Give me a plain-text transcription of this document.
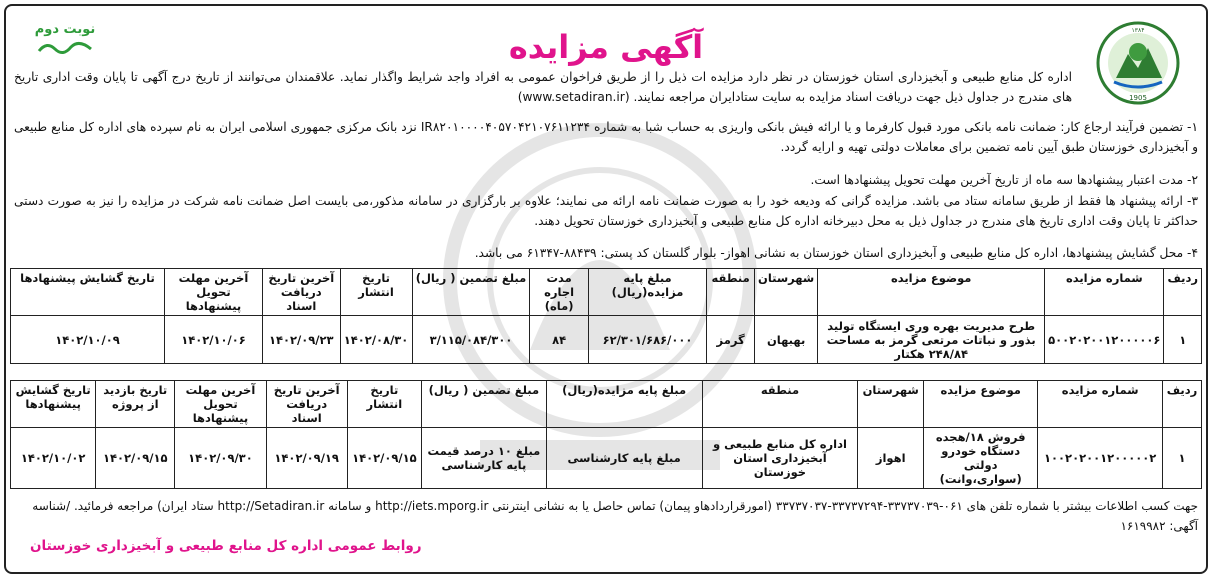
1905
۱۳۸۴
نوبت دوم	آگهی مزایده
اداره کل منابع طبیعی و آبخیزداری استان خوزستان در نظر دارد مزایده ات ذیل را از طریق فراخوان عمومی به افراد واجد شرایط واگذار نماید. علاقمندان می‌توانند از تاریخ درج آگهی تا پایان وقت اداری تاریخ های مندرج در جداول ذیل جهت دریافت اسناد مزایده به سایت ستادایران مراجعه نمایند. (www.setadiran.ir)
۱- تضمین فرآیند ارجاع کار: ضمانت نامه بانکی مورد قبول کارفرما و یا ارائه فیش بانکی واریزی به حساب شبا به شماره IR۸۲۰۱۰۰۰۰۴۰۵۷۰۴۲۱۰۷۶۱۱۲۳۴ نزد بانک مرکزی جمهوری اسلامی ایران به نام سپرده های اداره کل منابع طبیعی و آبخیزداری خوزستان طبق آیین نامه تضمین برای معاملات دولتی تهیه و ارایه گردد.
۲- مدت اعتبار پیشنهادها سه ماه از تاریخ آخرین مهلت تحویل پیشنهادها است.
۳- ارائه پیشنهاد ها فقط از طریق سامانه ستاد می باشد. مزایده گرانی که ودیعه خود را به صورت ضمانت نامه ارائه می نمایند؛ علاوه بر بارگزاری در سامانه مذکور،می بایست اصل ضمانت نامه شرکت در مزایده را نیز به صورت دستی حداکثر تا پایان وقت اداری تاریخ های مندرج در جداول ذیل به محل دبیرخانه اداره کل منابع طبیعی و آبخیزداری خوزستان تحویل دهند.
۴- محل گشایش پیشنهادها، اداره کل منابع طبیعی و آبخیزداری استان خوزستان به نشانی اهواز- بلوار گلستان کد پستی: ۸۸۴۳۹-۶۱۳۴۷ می باشد.
ردیف	شماره مزایده	موضوع مزایده	شهرستان	منطقه	مبلغ پایه مزایده(ریال)	مدت اجاره (ماه)	مبلغ تضمین ( ریال)	تاریخ انتشار	آخرین تاریخ دریافت اسناد	آخرین مهلت تحویل پیشنهادها	تاریخ گشایش پیشنهادها
۱	۵۰۰۲۰۲۰۰۱۲۰۰۰۰۰۶	طرح مدیریت بهره وری ایستگاه تولید بذور و نباتات مرتعی گرمز به مساحت ۲۴۸/۸۴ هکتار	بهبهان	گرمز	۶۲/۳۰۱/۶۸۶/۰۰۰	۸۴	۳/۱۱۵/۰۸۴/۳۰۰	۱۴۰۲/۰۸/۳۰	۱۴۰۲/۰۹/۲۳	۱۴۰۲/۱۰/۰۶	۱۴۰۲/۱۰/۰۹
ردیف	شماره مزایده	موضوع مزایده	شهرستان	منطقه	مبلغ پایه مزایده(ریال)	مبلغ تضمین ( ریال)	تاریخ انتشار	آخرین تاریخ دریافت اسناد	آخرین مهلت تحویل پیشنهادها	تاریخ بازدید از پروژه	تاریخ گشایش پیشنهادها
۱	۱۰۰۲۰۲۰۰۱۲۰۰۰۰۰۲	فروش ۱۸/هجده دستگاه خودرو دولتی (سواری،وانت)	اهواز	اداره کل منابع طبیعی و آبخیزداری استان خوزستان	مبلغ پایه کارشناسی	مبلغ ۱۰ درصد قیمت پایه کارشناسی	۱۴۰۲/۰۹/۱۵	۱۴۰۲/۰۹/۱۹	۱۴۰۲/۰۹/۳۰	۱۴۰۲/۰۹/۱۵	۱۴۰۲/۱۰/۰۲
جهت کسب اطلاعات بیشتر با شماره تلفن های ۰۶۱-۳۳۷۳۷۰۳۹-۳۳۷۳۷۲۹۴-۳۳۷۳۷۰۳۷ (امورقراردادهاو پیمان) تماس حاصل یا به نشانی اینترنتی http://iets.mporg.ir و سامانه http://Setadiran.ir ستاد ایران) مراجعه فرمائید. /شناسه آگهی: ۱۶۱۹۹۸۲
روابط عمومی اداره کل منابع طبیعی و آبخیزداری خوزستان
